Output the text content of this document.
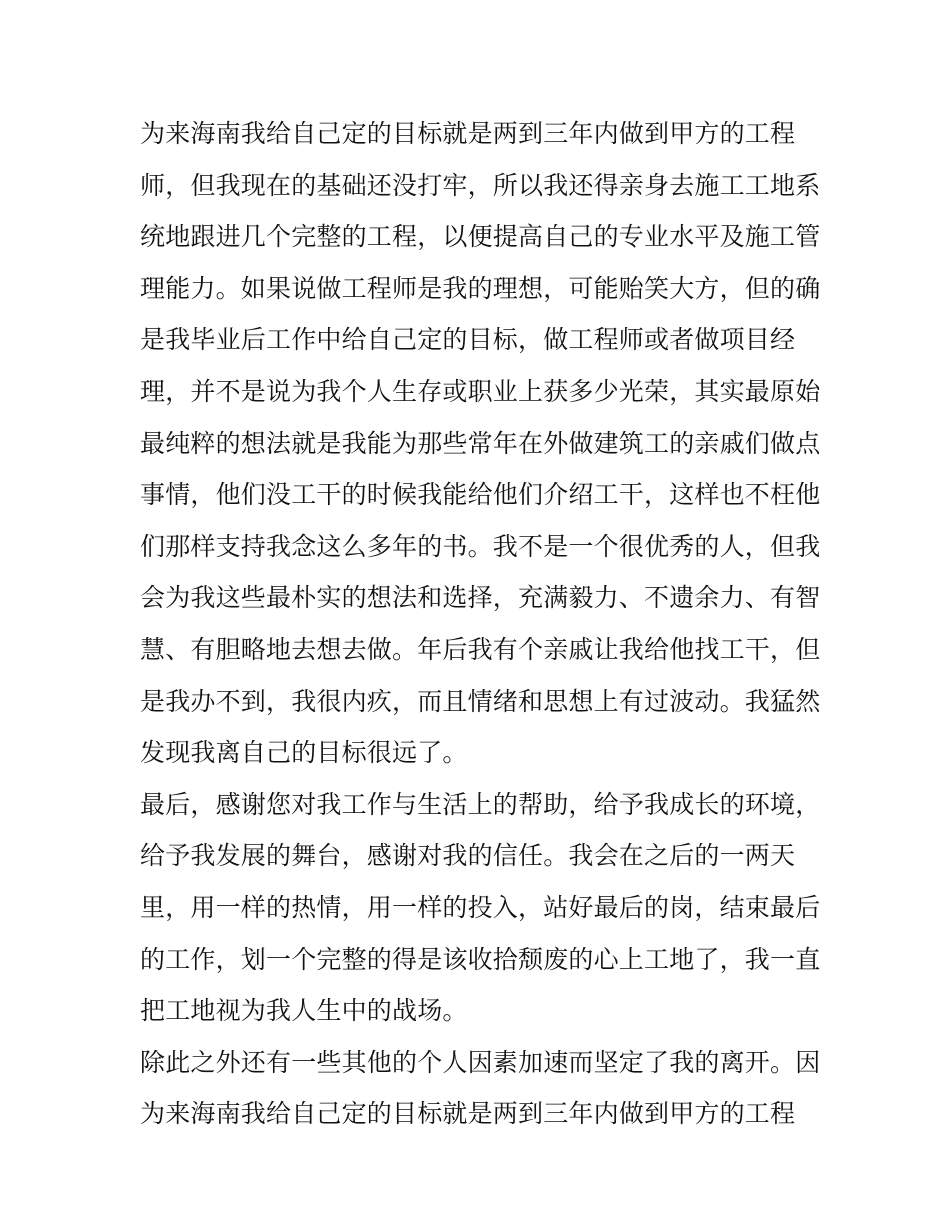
为来海南我给自己定的目标就是两到三年内做到甲方的工程
师，但我现在的基础还没打牢，所以我还得亲身去施工工地系
统地跟进几个完整的工程，以便提高自己的专业水平及施工管
理能力。如果说做工程师是我的理想，可能贻笑大方，但的确
是我毕业后工作中给自己定的目标，做工程师或者做项目经
理，并不是说为我个人生存或职业上获多少光荣，其实最原始
最纯粹的想法就是我能为那些常年在外做建筑工的亲戚们做点
事情，他们没工干的时候我能给他们介绍工干，这样也不枉他
们那样支持我念这么多年的书。我不是一个很优秀的人，但我
会为我这些最朴实的想法和选择，充满毅力、不遗余力、有智
慧、有胆略地去想去做。年后我有个亲戚让我给他找工干，但
是我办不到，我很内疚，而且情绪和思想上有过波动。我猛然
发现我离自己的目标很远了。
最后，感谢您对我工作与生活上的帮助，给予我成长的环境，
给予我发展的舞台，感谢对我的信任。我会在之后的一两天
里，用一样的热情，用一样的投入，站好最后的岗，结束最后
的工作，划一个完整的得是该收拾颓废的心上工地了，我一直
把工地视为我人生中的战场。
除此之外还有一些其他的个人因素加速而坚定了我的离开。因
为来海南我给自己定的目标就是两到三年内做到甲方的工程
